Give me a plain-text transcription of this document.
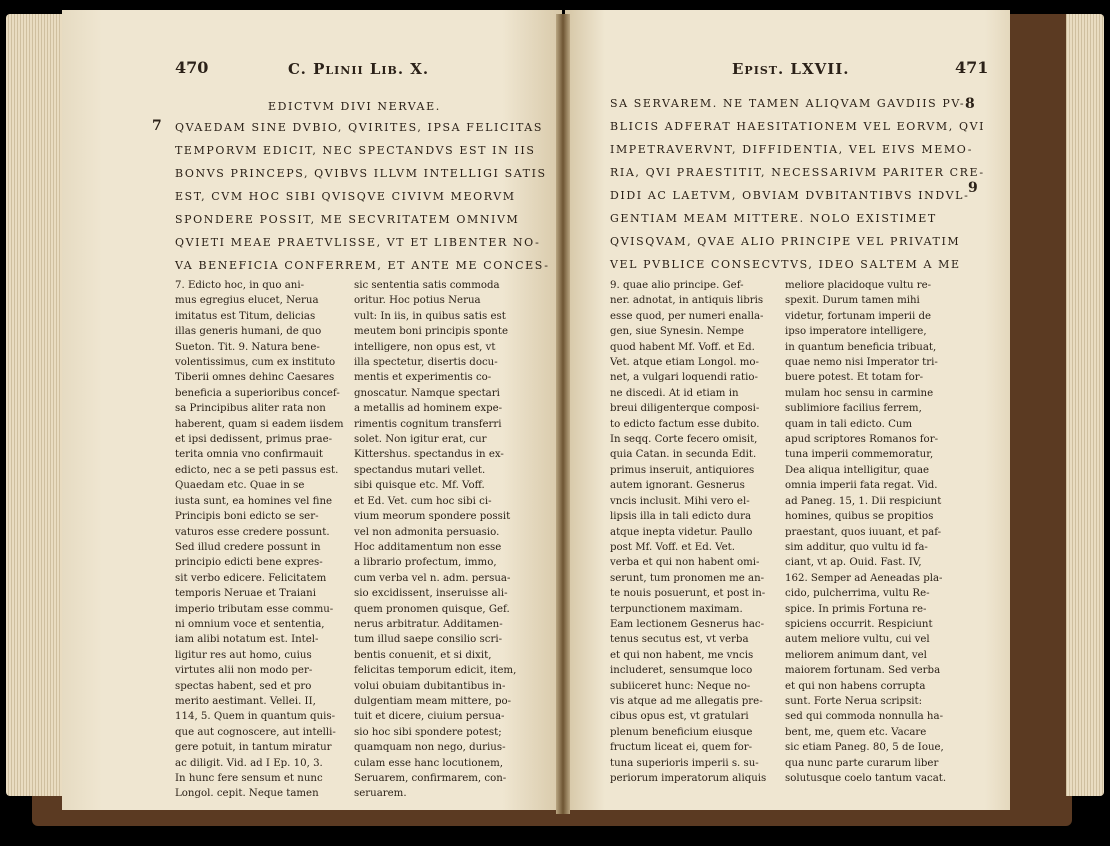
470	C. Plinii Lib. X.
EDICTVM DIVI NERVAE.
7 QVAEDAM SINE DVBIO, QVIRITES, IPSA FELICITAS
TEMPORVM EDICIT, NEC SPECTANDVS EST IN IIS
BONVS PRINCEPS, QVIBVS ILLVM INTELLIGI SATIS
EST, CVM HOC SIBI QVISQVE CIVIVM MEORVM
SPONDERE POSSIT, ME SECVRITATEM OMNIVM
QVIETI MEAE PRAETVLISSE, VT ET LIBENTER NO-
VA BENEFICIA CONFERREM, ET ANTE ME CONCES-
7. Edicto hoc, in quo ani-
mus egregius elucet, Nerua
imitatus est Titum, delicias
illas generis humani, de quo
Sueton. Tit. 9. Natura bene-
volentissimus, cum ex instituto
Tiberii omnes dehinc Caesares
beneficia a superioribus concef-
sa Principibus aliter rata non
haberent, quam si eadem iisdem
et ipsi dedissent, primus prae-
terita omnia vno confirmauit
edicto, nec a se peti passus est.
Quaedam etc. Quae in se
iusta sunt, ea homines vel fine
Principis boni edicto se ser-
vaturos esse credere possunt.
Sed illud credere possunt in
principio edicti bene expres-
sit verbo edicere. Felicitatem
temporis Neruae et Traiani
imperio tributam esse commu-
ni omnium voce et sententia,
iam alibi notatum est. Intel-
ligitur res aut homo, cuius
virtutes alii non modo per-
spectas habent, sed et pro
merito aestimant. Vellei. II,
114, 5. Quem in quantum quis-
que aut cognoscere, aut intelli-
gere potuit, in tantum miratur
ac diligit. Vid. ad I Ep. 10, 3.
In hunc fere sensum et nunc
Longol. cepit. Neque tamen
sic sententia satis commoda
oritur. Hoc potius Nerua
vult: In iis, in quibus satis est
meutem boni principis sponte
intelligere, non opus est, vt
illa spectetur, disertis docu-
mentis et experimentis co-
gnoscatur. Namque spectari
a metallis ad hominem expe-
rimentis cognitum transferri
solet. Non igitur erat, cur
Kittershus. spectandus in ex-
spectandus mutari vellet.
sibi quisque etc. Mf. Voff.
et Ed. Vet. cum hoc sibi ci-
vium meorum spondere possit
vel non admonita persuasio.
Hoc additamentum non esse
a librario profectum, immo,
cum verba vel n. adm. persua-
sio excidissent, inseruisse ali-
quem pronomen quisque, Gef.
nerus arbitratur. Additamen-
tum illud saepe consilio scri-
bentis conuenit, et si dixit,
felicitas temporum edicit, item,
volui obuiam dubitantibus in-
dulgentiam meam mittere, po-
tuit et dicere, ciuium persua-
sio hoc sibi spondere potest;
quamquam non nego, durius-
culam esse hanc locutionem,
Seruarem, confirmarem, con-
seruarem.
Epist. LXVII.	471
8
9
SA SERVAREM. NE TAMEN ALIQVAM GAVDIIS PV-
BLICIS ADFERAT HAESITATIONEM VEL EORVM, QVI
IMPETRAVERVNT, DIFFIDENTIA, VEL EIVS MEMO-
RIA, QVI PRAESTITIT, NECESSARIVM PARITER CRE-
DIDI AC LAETVM, OBVIAM DVBITANTIBVS INDVL-
GENTIAM MEAM MITTERE. NOLO EXISTIMET
QVISQVAM, QVAE ALIO PRINCIPE VEL PRIVATIM
VEL PVBLICE CONSECVTVS, IDEO SALTEM A ME
9. quae alio principe. Gef-
ner. adnotat, in antiquis libris
esse quod, per numeri enalla-
gen, siue Synesin. Nempe
quod habent Mf. Voff. et Ed.
Vet. atque etiam Longol. mo-
net, a vulgari loquendi ratio-
ne discedi. At id etiam in
breui diligenterque composi-
to edicto factum esse dubito.
In seqq. Corte fecero omisit,
quia Catan. in secunda Edit.
primus inseruit, antiquiores
autem ignorant. Gesnerus
vncis inclusit. Mihi vero el-
lipsis illa in tali edicto dura
atque inepta videtur. Paullo
post Mf. Voff. et Ed. Vet.
verba et qui non habent omi-
serunt, tum pronomen me an-
te nouis posuerunt, et post in-
terpunctionem maximam.
Eam lectionem Gesnerus hac-
tenus secutus est, vt verba
et qui non habent, me vncis
includeret, sensumque loco
subiiceret hunc: Neque no-
vis atque ad me allegatis pre-
cibus opus est, vt gratulari
plenum beneficium eiusque
fructum liceat ei, quem for-
tuna superioris imperii s. su-
periorum imperatorum aliquis
meliore placidoque vultu re-
spexit. Durum tamen mihi
videtur, fortunam imperii de
ipso imperatore intelligere,
in quantum beneficia tribuat,
quae nemo nisi Imperator tri-
buere potest. Et totam for-
mulam hoc sensu in carmine
sublimiore facilius ferrem,
quam in tali edicto. Cum
apud scriptores Romanos for-
tuna imperii commemoratur,
Dea aliqua intelligitur, quae
omnia imperii fata regat. Vid.
ad Paneg. 15, 1. Dii respiciunt
homines, quibus se propitios
praestant, quos iuuant, et paf-
sim additur, quo vultu id fa-
ciant, vt ap. Ouid. Fast. IV,
162. Semper ad Aeneadas pla-
cido, pulcherrima, vultu Re-
spice. In primis Fortuna re-
spiciens occurrit. Respiciunt
autem meliore vultu, cui vel
meliorem animum dant, vel
maiorem fortunam. Sed verba
et qui non habens corrupta
sunt. Forte Nerua scripsit:
sed qui commoda nonnulla ha-
bent, me, quem etc. Vacare
sic etiam Paneg. 80, 5 de Ioue,
qua nunc parte curarum liber
solutusque coelo tantum vacat.
